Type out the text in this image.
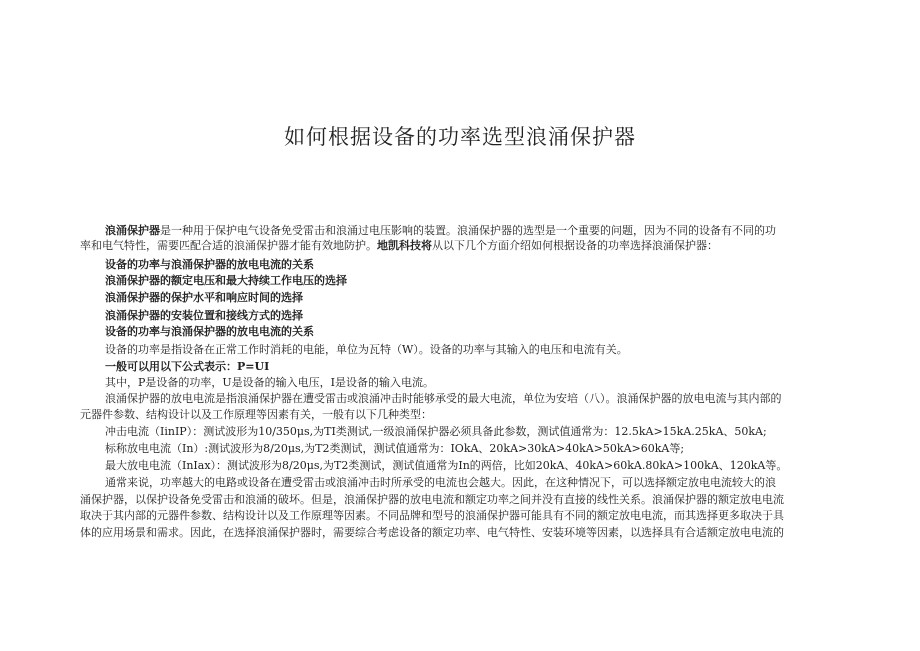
如何根据设备的功率选型浪涌保护器
浪涌保护器是一种用于保护电气设备免受雷击和浪涌过电压影响的装置。浪涌保护器的选型是一个重要的问题，因为不同的设备有不同的功
率和电气特性，需要匹配合适的浪涌保护器才能有效地防护。地凯科技将从以下几个方面介绍如何根据设备的功率选择浪涌保护器：
设备的功率与浪涌保护器的放电电流的关系
浪涌保护器的额定电压和最大持续工作电压的选择
浪涌保护器的保护水平和响应时间的选择
浪涌保护器的安装位置和接线方式的选择
设备的功率与浪涌保护器的放电电流的关系
设备的功率是指设备在正常工作时消耗的电能，单位为瓦特（W）。设备的功率与其输入的电压和电流有关。
一般可以用以下公式表示：P=UI
其中，P是设备的功率，U是设备的输入电压，I是设备的输入电流。
浪涌保护器的放电电流是指浪涌保护器在遭受雷击或浪涌冲击时能够承受的最大电流，单位为安培（八）。浪涌保护器的放电电流与其内部的
元器件参数、结构设计以及工作原理等因素有关，一般有以下几种类型：
冲击电流（IinIP）：测试波形为10/350μs,为TI类测试,一级浪涌保护器必须具备此参数，测试值通常为：12.5kA>15kA.25kA、50kA;
标称放电电流（In）:测试波形为8/20μs,为T2类测试，测试值通常为：IOkA、20kA>30kA>40kA>50kA>60kA等;
最大放电电流（InIax）：测试波形为8/20μs,为T2类测试，测试值通常为In的两倍，比如20kA、40kA>60kA.80kA>100kA、120kA等。
通常来说，功率越大的电路或设备在遭受雷击或浪涌冲击时所承受的电流也会越大。因此，在这种情况下，可以选择额定放电电流较大的浪
涌保护器，以保护设备免受雷击和浪涌的破坏。但是，浪涌保护器的放电电流和额定功率之间并没有直接的线性关系。浪涌保护器的额定放电电流
取决于其内部的元器件参数、结构设计以及工作原理等因素。不同品牌和型号的浪涌保护器可能具有不同的额定放电电流，而其选择更多取决于具
体的应用场景和需求。因此，在选择浪涌保护器时，需要综合考虑设备的额定功率、电气特性、安装环境等因素，以选择具有合适额定放电电流的
